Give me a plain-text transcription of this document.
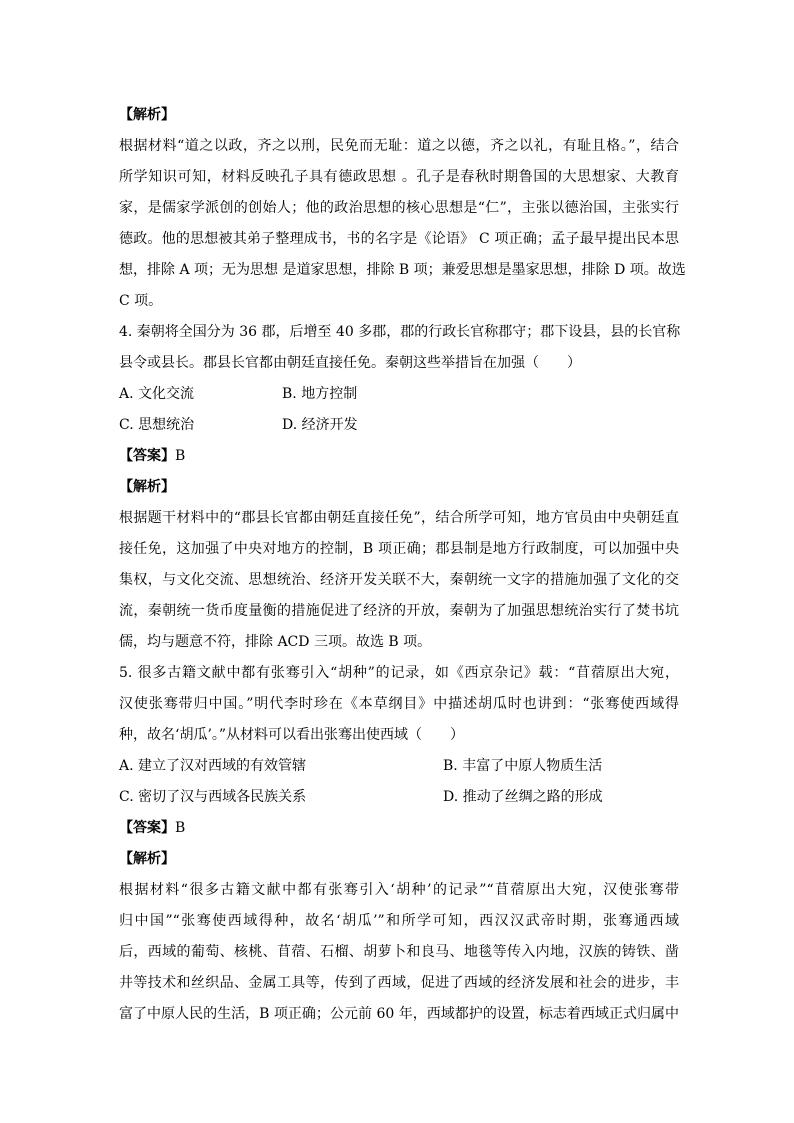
【解析】
根据材料“道之以政，齐之以刑，民免而无耻：道之以德，齐之以礼，有耻且格。”，结合
所学知识可知，材料反映孔子具有德政思想 。孔子是春秋时期鲁国的大思想家、大教育
家，是儒家学派创的创始人；他的政治思想的核心思想是“仁”，主张以德治国，主张实行
德政。他的思想被其弟子整理成书，书的名字是《论语》 C 项正确；孟子最早提出民本思
想，排除 A 项；无为思想 是道家思想，排除 B 项；兼爱思想是墨家思想，排除 D 项。故选
C 项。
4. 秦朝将全国分为 36 郡，后增至 40 多郡，郡的行政长官称郡守；郡下设县，县的长官称
县令或县长。郡县长官都由朝廷直接任免。秦朝这些举措旨在加强（　　）
A. 文化交流	B. 地方控制
C. 思想统治	D. 经济开发
【答案】B
【解析】
根据题干材料中的“郡县长官都由朝廷直接任免”，结合所学可知，地方官员由中央朝廷直
接任免，这加强了中央对地方的控制，B 项正确；郡县制是地方行政制度，可以加强中央
集权，与文化交流、思想统治、经济开发关联不大，秦朝统一文字的措施加强了文化的交
流，秦朝统一货币度量衡的措施促进了经济的开放，秦朝为了加强思想统治实行了焚书坑
儒，均与题意不符，排除 ACD 三项。故选 B 项。
5. 很多古籍文献中都有张骞引入“胡种”的记录，如《西京杂记》载：“苜蓿原出大宛，
汉使张骞带归中国。”明代李时珍在《本草纲目》中描述胡瓜时也讲到：“张骞使西域得
种，故名‘胡瓜’。”从材料可以看出张骞出使西域（　　）
A. 建立了汉对西域的有效管辖	B. 丰富了中原人物质生活
C. 密切了汉与西域各民族关系	D. 推动了丝绸之路的形成
【答案】B
【解析】
根据材料“很多古籍文献中都有张骞引入‘胡种’的记录”“苜蓿原出大宛，汉使张骞带
归中国”“张骞使西域得种，故名‘胡瓜’”和所学可知，西汉汉武帝时期，张骞通西域
后，西域的葡萄、核桃、苜蓿、石榴、胡萝卜和良马、地毯等传入内地，汉族的铸铁、凿
井等技术和丝织品、金属工具等，传到了西域，促进了西域的经济发展和社会的进步，丰
富了中原人民的生活，B 项正确；公元前 60 年，西域都护的设置，标志着西域正式归属中
